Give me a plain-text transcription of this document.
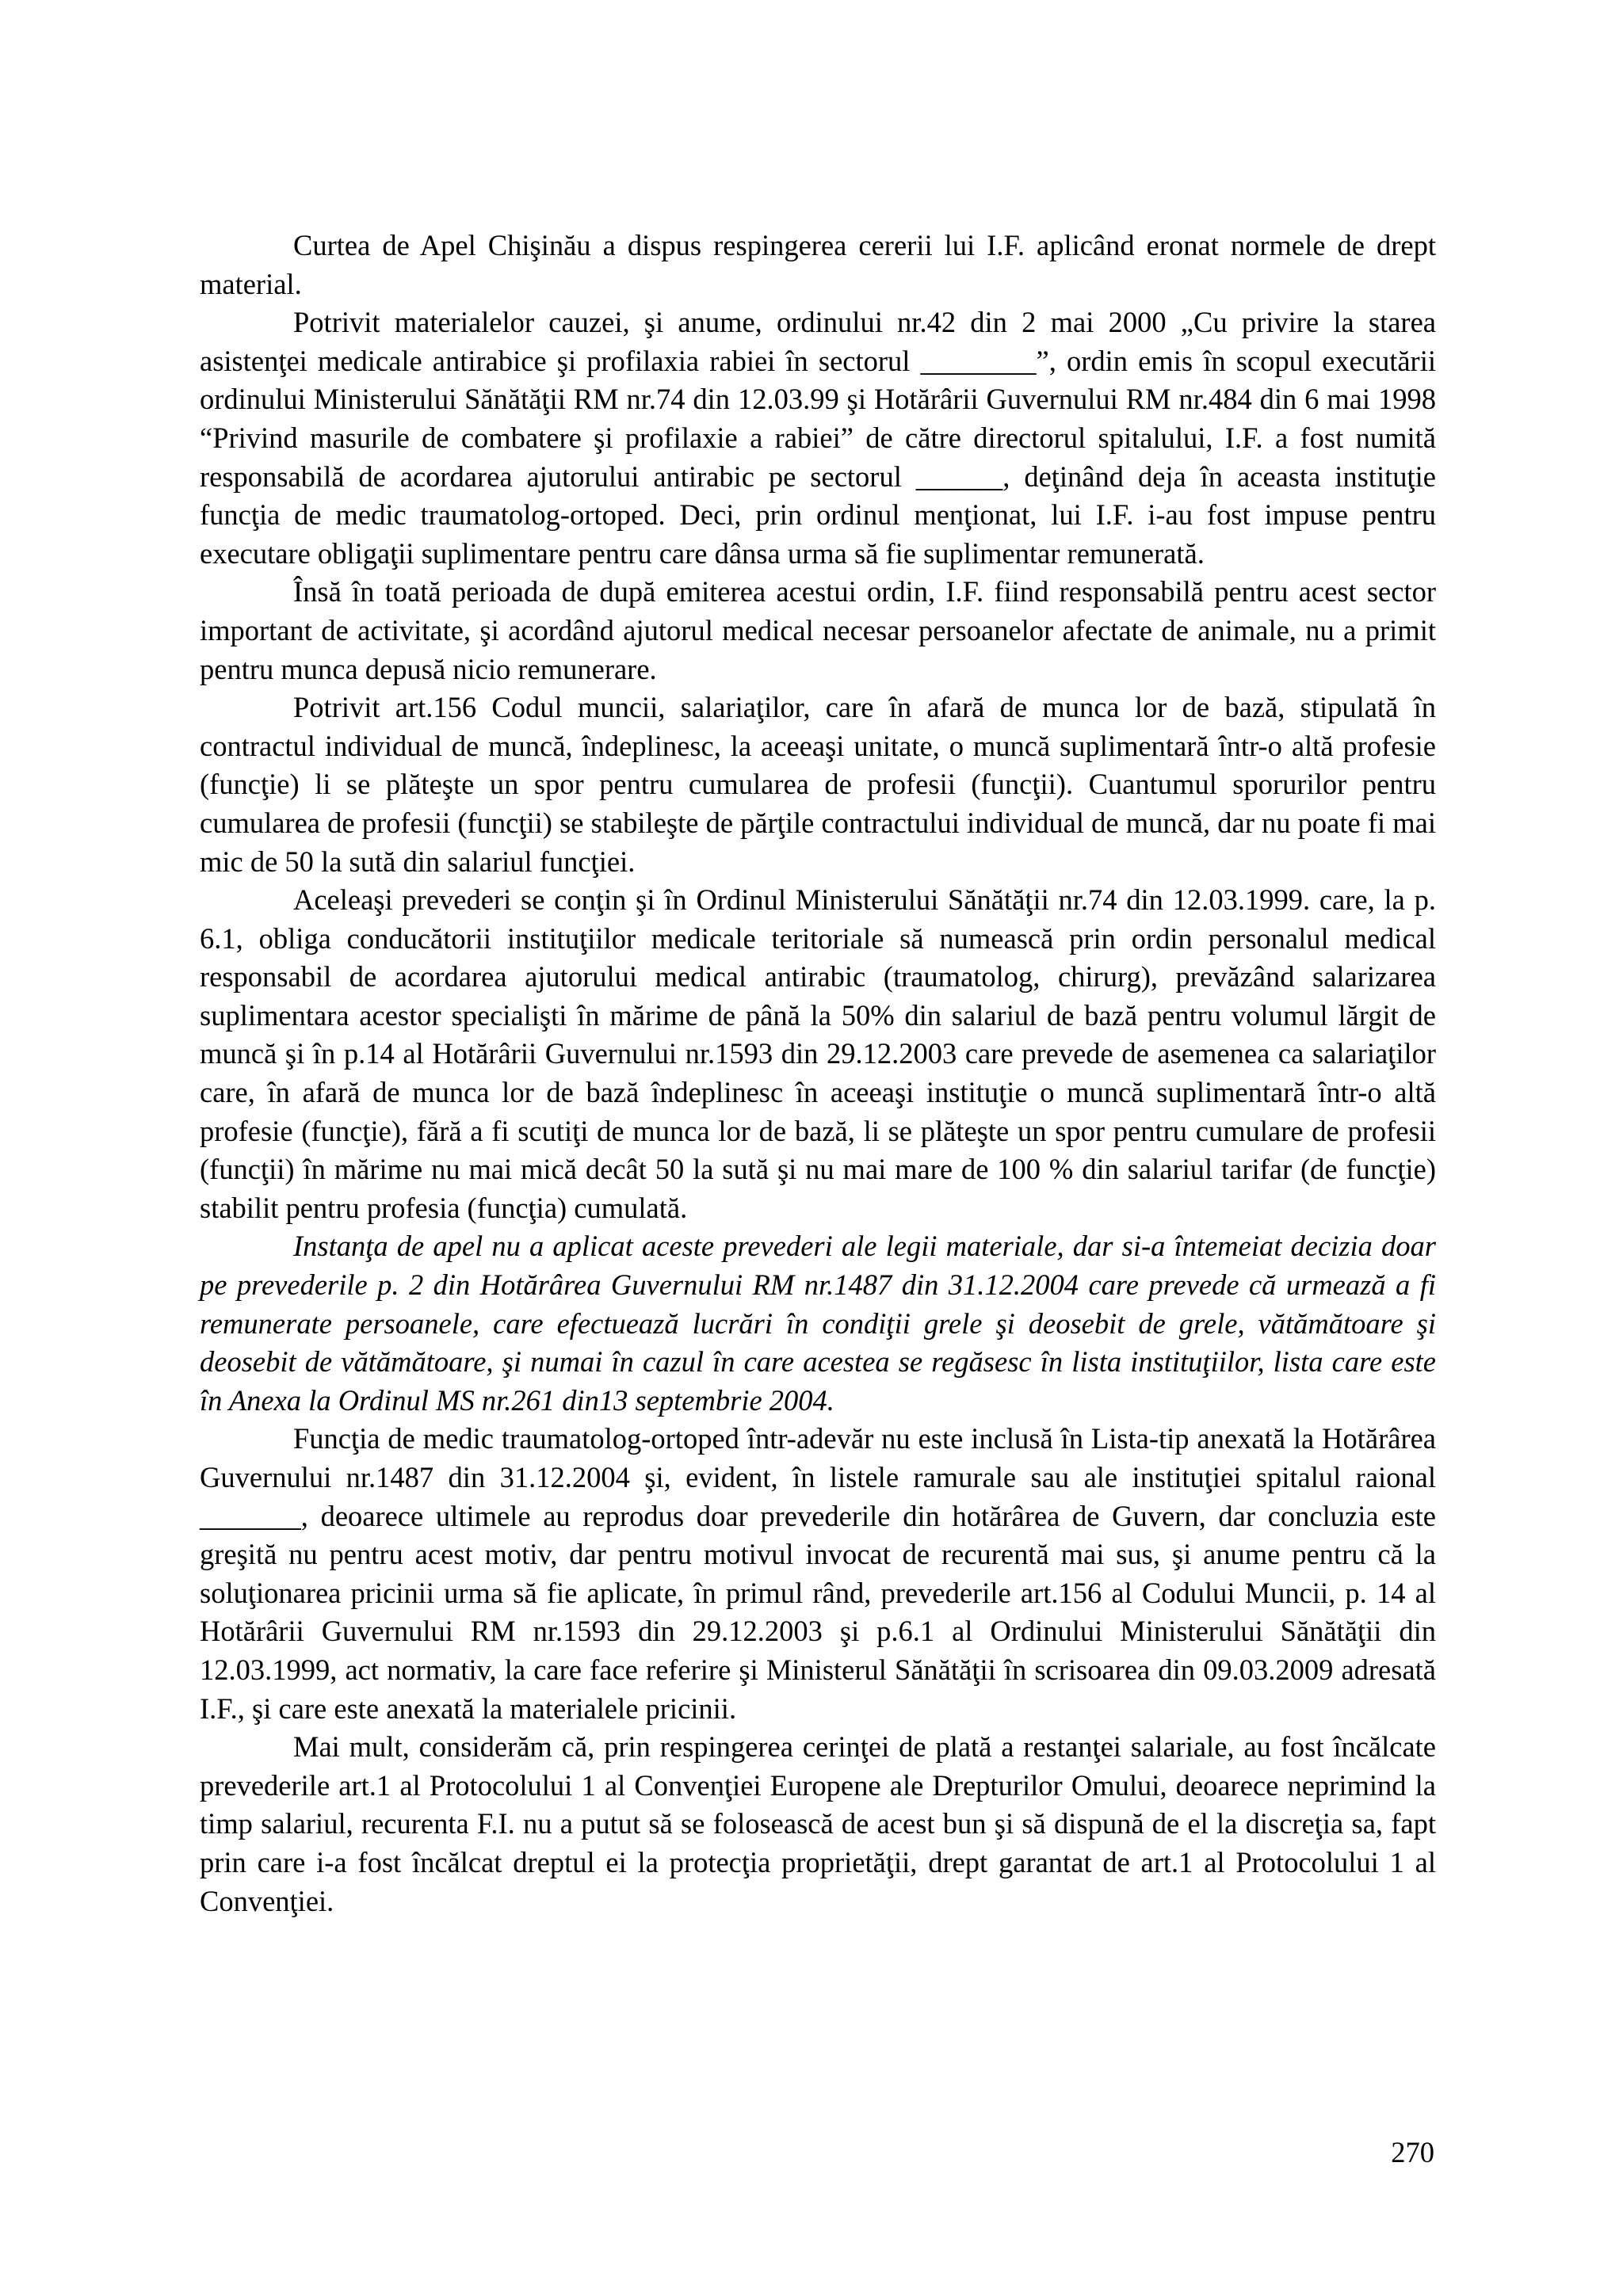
Curtea de Apel Chişinău a dispus respingerea cererii lui I.F. aplicând eronat normele de drept material.

Potrivit materialelor cauzei, şi anume, ordinului nr.42 din 2 mai 2000 „Cu privire la starea asistenţei medicale antirabice şi profilaxia rabiei în sectorul ________”, ordin emis în scopul executării ordinului Ministerului Sănătăţii RM nr.74 din 12.03.99 şi Hotărârii Guvernului RM nr.484 din 6 mai 1998 “Privind masurile de combatere şi profilaxie a rabiei” de către directorul spitalului, I.F. a fost numită responsabilă de acordarea ajutorului antirabic pe sectorul ______, deţinând deja în aceasta instituţie funcţia de medic traumatolog-ortoped. Deci, prin ordinul menţionat, lui I.F. i-au fost impuse pentru executare obligaţii suplimentare pentru care dânsa urma să fie suplimentar remunerată.

Însă în toată perioada de după emiterea acestui ordin, I.F. fiind responsabilă pentru acest sector important de activitate, şi acordând ajutorul medical necesar persoanelor afectate de animale, nu a primit pentru munca depusă nicio remunerare.

Potrivit art.156 Codul muncii, salariaţilor, care în afară de munca lor de bază, stipulată în contractul individual de muncă, îndeplinesc, la aceeaşi unitate, o muncă suplimentară într-o altă profesie (funcţie) li se plăteşte un spor pentru cumularea de profesii (funcţii). Cuantumul sporurilor pentru cumularea de profesii (funcţii) se stabileşte de părţile contractului individual de muncă, dar nu poate fi mai mic de 50 la sută din salariul funcţiei.

Aceleaşi prevederi se conţin şi în Ordinul Ministerului Sănătăţii nr.74 din 12.03.1999. care, la p. 6.1, obliga conducătorii instituţiilor medicale teritoriale să numească prin ordin personalul medical responsabil de acordarea ajutorului medical antirabic (traumatolog, chirurg), prevăzând salarizarea suplimentara acestor specialişti în mărime de până la 50% din salariul de bază pentru volumul lărgit de muncă şi în p.14 al Hotărârii Guvernului nr.1593 din 29.12.2003 care prevede de asemenea ca salariaţilor care, în afară de munca lor de bază îndeplinesc în aceeaşi instituţie o muncă suplimentară într-o altă profesie (funcţie), fără a fi scutiţi de munca lor de bază, li se plăteşte un spor pentru cumulare de profesii (funcţii) în mărime nu mai mică decât 50 la sută şi nu mai mare de 100 % din salariul tarifar (de funcţie) stabilit pentru profesia (funcţia) cumulată.

Instanţa de apel nu a aplicat aceste prevederi ale legii materiale, dar si-a întemeiat decizia doar pe prevederile p. 2 din Hotărârea Guvernului RM nr.1487 din 31.12.2004 care prevede că urmează a fi remunerate persoanele, care efectuează lucrări în condiţii grele şi deosebit de grele, vătămătoare şi deosebit de vătămătoare, şi numai în cazul în care acestea se regăsesc în lista instituţiilor, lista care este în Anexa la Ordinul MS nr.261 din13 septembrie 2004.

Funcţia de medic traumatolog-ortoped într-adevăr nu este inclusă în Lista-tip anexată la Hotărârea Guvernului nr.1487 din 31.12.2004 şi, evident, în listele ramurale sau ale instituţiei spitalul raional _______, deoarece ultimele au reprodus doar prevederile din hotărârea de Guvern, dar concluzia este greşită nu pentru acest motiv, dar pentru motivul invocat de recurentă mai sus, şi anume pentru că la soluţionarea pricinii urma să fie aplicate, în primul rând, prevederile art.156 al Codului Muncii, p. 14 al Hotărârii Guvernului RM nr.1593 din 29.12.2003 şi p.6.1 al Ordinului Ministerului Sănătăţii din 12.03.1999, act normativ, la care face referire şi Ministerul Sănătăţii în scrisoarea din 09.03.2009 adresată I.F., şi care este anexată la materialele pricinii.

Mai mult, considerăm că, prin respingerea cerinţei de plată a restanţei salariale, au fost încălcate prevederile art.1 al Protocolului 1 al Convenţiei Europene ale Drepturilor Omului, deoarece neprimind la timp salariul, recurenta F.I. nu a putut să se folosească de acest bun şi să dispună de el la discreţia sa, fapt prin care i-a fost încălcat dreptul ei la protecţia proprietăţii, drept garantat de art.1 al Protocolului 1 al Convenţiei.

270
